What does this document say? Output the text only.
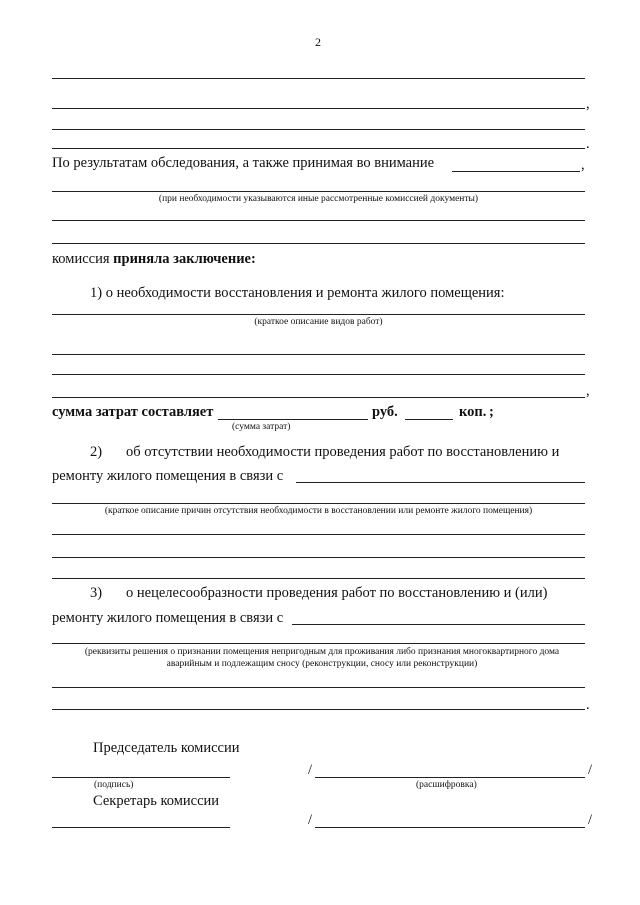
2
,
.
По результатам обследования, а также принимая во внимание	,
(при необходимости указываются иные рассмотренные комиссией документы)
комиссия приняла заключение:
1) о необходимости восстановления и ремонта жилого помещения:
(краткое описание видов работ)
,
сумма затрат составляет	руб.	коп. ;
(сумма затрат)
2) об отсутствии необходимости проведения работ по восстановлению и
ремонту жилого помещения в связи с
(краткое описание причин отсутствия необходимости в восстановлении или ремонте жилого помещения)
3) о нецелесообразности проведения работ по восстановлению и (или)
ремонту жилого помещения в связи с
(реквизиты решения о признании помещения непригодным для проживания либо признания многоквартирного дома
аварийным и подлежащим сносу (реконструкции, сносу или реконструкции)
.
Председатель комиссии
/	/
(подпись)	(расшифровка)
Секретарь комиссии
/	/
